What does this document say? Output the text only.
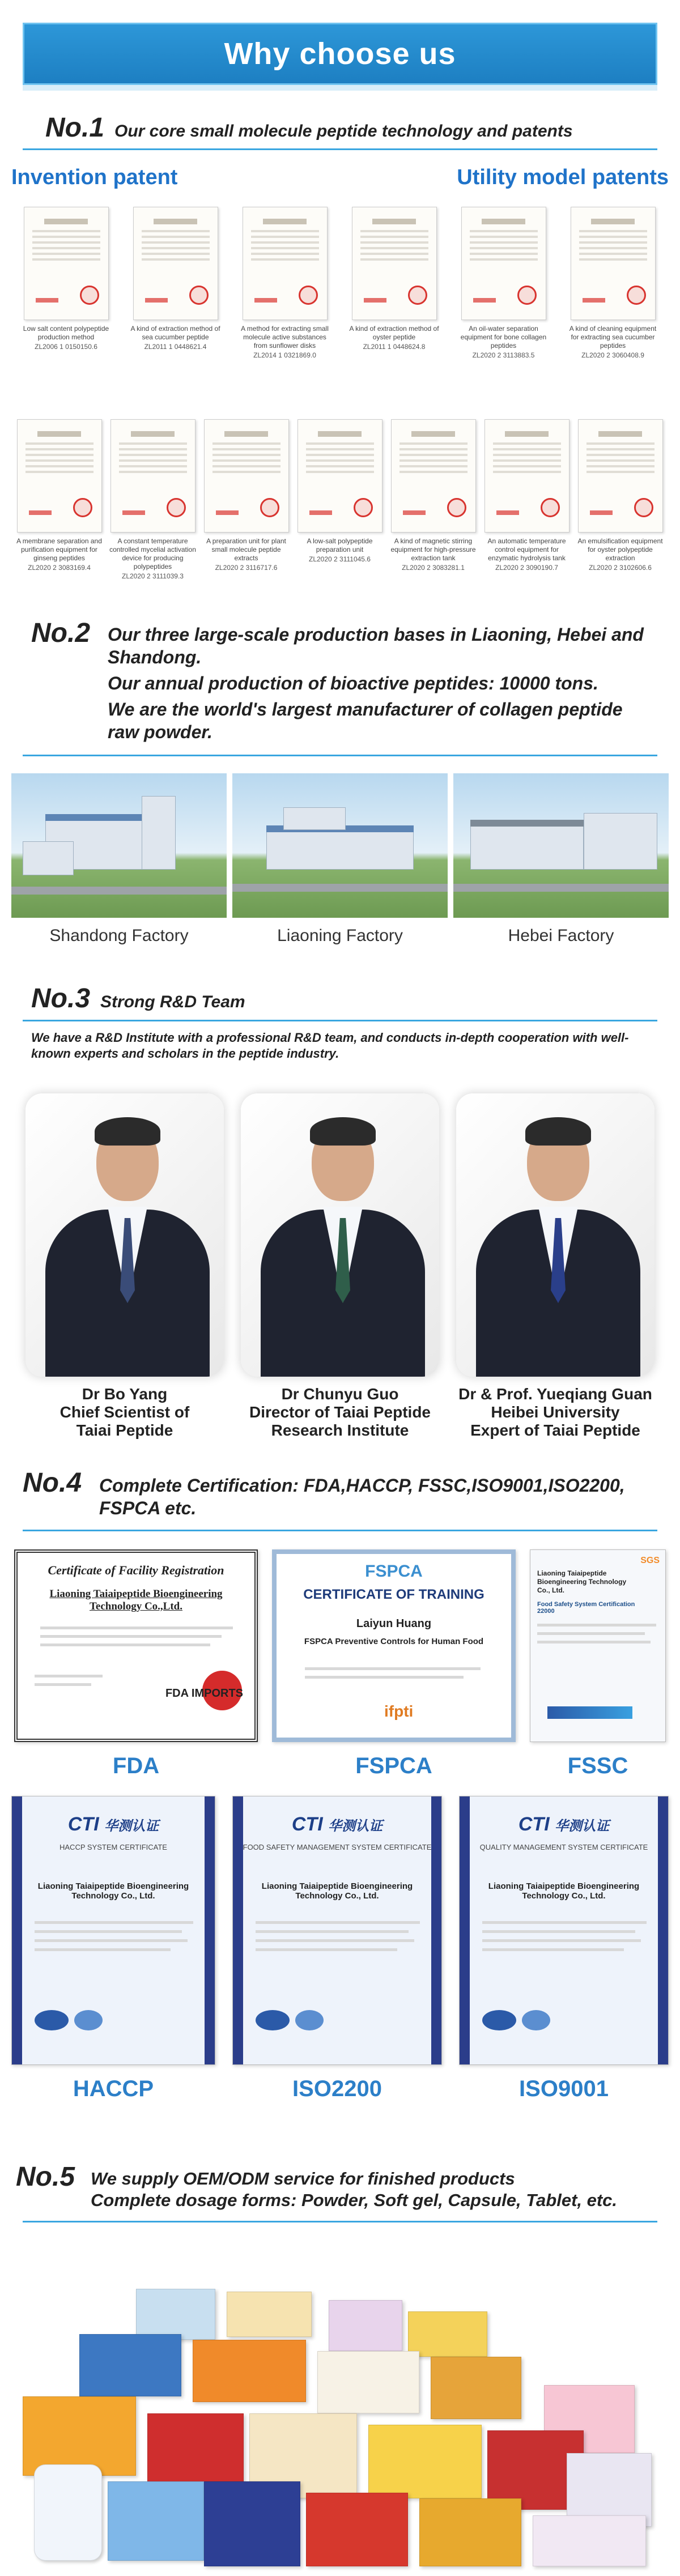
Why choose us
No.1 Our core small molecule peptide technology and patents
Invention patent	Utility model patents
Low salt content polypeptide production method
ZL2006 1 0150150.6
A kind of extraction method of sea cucumber peptide
ZL2011 1 0448621.4
A method for extracting small molecule active substances from sunflower disks
ZL2014 1 0321869.0
A kind of extraction method of oyster peptide
ZL2011 1 0448624.8
An oil-water separation equipment for bone collagen peptides
ZL2020 2 3113883.5
A kind of cleaning equipment for extracting sea cucumber peptides
ZL2020 2 3060408.9
A membrane separation and purification equipment for ginseng peptides
ZL2020 2 3083169.4
A constant temperature controlled mycelial activation device for producing polypeptides
ZL2020 2 3111039.3
A preparation unit for plant small molecule peptide extracts
ZL2020 2 3116717.6
A low-salt polypeptide preparation unit
ZL2020 2 3111045.6
A kind of magnetic stirring equipment for high-pressure extraction tank
ZL2020 2 3083281.1
An automatic temperature control equipment for enzymatic hydrolysis tank
ZL2020 2 3090190.7
An emulsification equipment for oyster polypeptide extraction
ZL2020 2 3102606.6
No.2 Our three large-scale production bases in Liaoning, Hebei and Shandong.
Our annual production of bioactive peptides: 10000 tons.
We are the world's largest manufacturer of collagen peptide raw powder.
Shandong Factory	Liaoning Factory	Hebei Factory
No.3 Strong R&D Team
We have a R&D Institute with a professional R&D team, and conducts in-depth cooperation with well-known experts and scholars in the peptide industry.
Dr Bo Yang
Chief Scientist of
Taiai Peptide
Dr Chunyu Guo
Director of Taiai Peptide
Research Institute
Dr & Prof. Yueqiang Guan
Heibei University
Expert of Taiai Peptide
No.4 Complete Certification: FDA,HACCP, FSSC,ISO9001,ISO2200, FSPCA etc.
Certificate of Facility Registration
Liaoning Taiaipeptide Bioengineering Technology Co.,Ltd.
FDA IMPORTS
FDA
FSPCA
CERTIFICATE OF TRAINING
Laiyun Huang
FSPCA Preventive Controls for Human Food
ifpti
FSPCA
SGS
Liaoning Taiaipeptide Bioengineering Technology Co., Ltd.
Food Safety System Certification 22000
FSSC
CTI 华测认证
HACCP SYSTEM CERTIFICATE
Liaoning Taiaipeptide Bioengineering Technology Co., Ltd.
HACCP
CTI 华测认证
FOOD SAFETY MANAGEMENT SYSTEM CERTIFICATE
Liaoning Taiaipeptide Bioengineering Technology Co., Ltd.
ISO2200
CTI 华测认证
QUALITY MANAGEMENT SYSTEM CERTIFICATE
Liaoning Taiaipeptide Bioengineering Technology Co., Ltd.
ISO9001
No.5 We supply OEM/ODM service for finished products
Complete dosage forms: Powder, Soft gel, Capsule, Tablet, etc.
